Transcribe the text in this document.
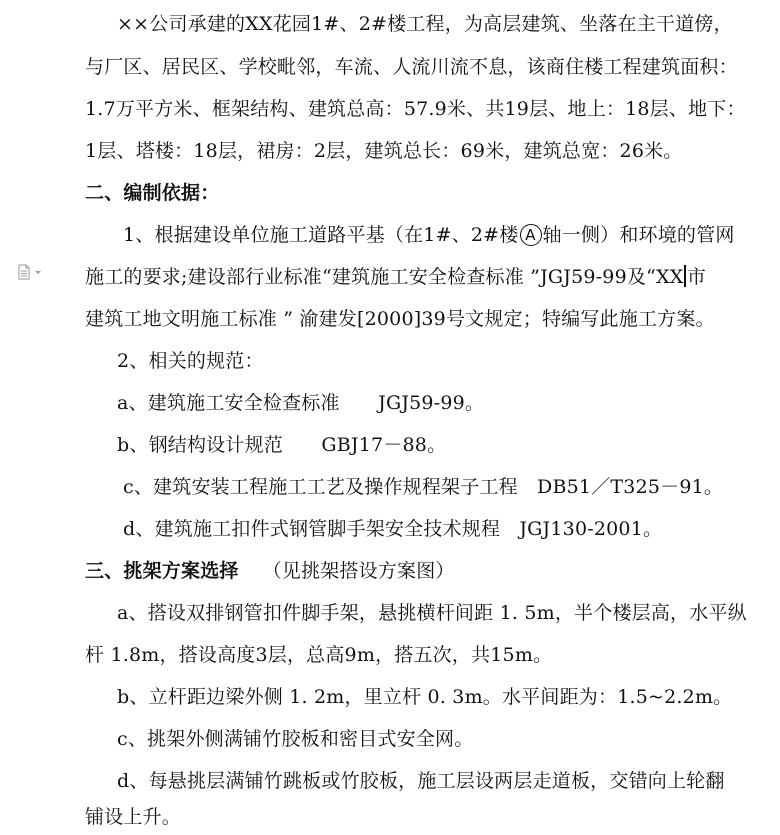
××公司承建的XX花园1#、2#楼工程，为高层建筑、坐落在主干道傍，
与厂区、居民区、学校毗邻，车流、人流川流不息，该商住楼工程建筑面积：
1.7万平方米、框架结构、建筑总高：57.9米、共19层、地上：18层、地下：
1层、塔楼：18层，裙房：2层，建筑总长：69米，建筑总宽：26米。
二、编制依据：
1、根据建设单位施工道路平基（在1#、2#楼 A 轴一侧）和环境的管网
施工的要求;建设部行业标准“建筑施工安全检查标准 ”JGJ59-99及“XX 市
建筑工地文明施工标准 ” 渝建发[2000]39号文规定；特编写此施工方案。
2、相关的规范：
a、建筑施工安全检查标准　　JGJ59-99。
b、钢结构设计规范　　GBJ17－88。
c、建筑安装工程施工工艺及操作规程架子工程　DB51／T325－91。
d、建筑施工扣件式钢管脚手架安全技术规程　JGJ130-2001。
三、挑架方案选择 （见挑架搭设方案图）
a、搭设双排钢管扣件脚手架，悬挑横杆间距 1. 5m，半个楼层高，水平纵
杆 1.8m，搭设高度3层，总高9m，搭五次，共15m。
b、立杆距边梁外侧 1. 2m，里立杆 0. 3m。水平间距为：1.5~2.2m。
c、挑架外侧满铺竹胶板和密目式安全网。
d、每悬挑层满铺竹跳板或竹胶板，施工层设两层走道板，交错向上轮翻
铺设上升。
